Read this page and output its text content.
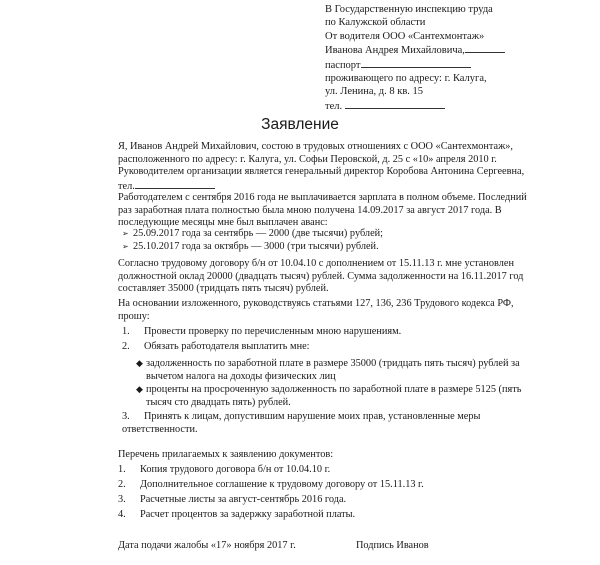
В Государственную инспекцию труда
по Калужской области
От водителя ООО «Сантехмонтаж»
Иванова Андрея Михайловича,
паспорт
проживающего по адресу: г. Калуга,
ул. Ленина, д. 8 кв. 15
тел.
Заявление
Я, Иванов Андрей Михайлович, состою в трудовых отношениях с ООО «Сантехмонтаж»,
расположенного по адресу: г. Калуга, ул. Софьи Перовской, д. 25 с «10» апреля 2010 г.
Руководителем организации является генеральный директор Коробова Антонина Сергеевна,
тел.
Работодателем с сентября 2016 года не выплачивается зарплата в полном объеме. Последний
раз заработная плата полностью была мною получена 14.09.2017 за август 2017 года. В
последующие месяцы мне был выплачен аванс:
➢ 25.09.2017 года за сентябрь — 2000 (две тысячи) рублей;
➢ 25.10.2017 года за октябрь — 3000 (три тысячи) рублей.
Согласно трудовому договору б/н от 10.04.10 с дополнением от 15.11.13 г. мне установлен
должностной оклад 20000 (двадцать тысяч) рублей. Сумма задолженности на 16.11.2017 год
составляет 35000 (тридцать пять тысяч) рублей.
На основании изложенного, руководствуясь статьями 127, 136, 236 Трудового кодекса РФ,
прошу:
1. Провести проверку по перечисленным мною нарушениям.
2. Обязать работодателя выплатить мне:
◆ задолженность по заработной плате в размере 35000 (тридцать пять тысяч) рублей за
вычетом налога на доходы физических лиц
◆ проценты на просроченную задолженность по заработной плате в размере 5125 (пять
тысяч сто двадцать пять) рублей.
3. Принять к лицам, допустившим нарушение моих прав, установленные меры
ответственности.
Перечень прилагаемых к заявлению документов:
1. Копия трудового договора б/н от 10.04.10 г.
2. Дополнительное соглашение к трудовому договору от 15.11.13 г.
3. Расчетные листы за август-сентябрь 2016 года.
4. Расчет процентов за задержку заработной платы.
Дата подачи жалобы «17» ноября 2017 г.	Подпись Иванов
